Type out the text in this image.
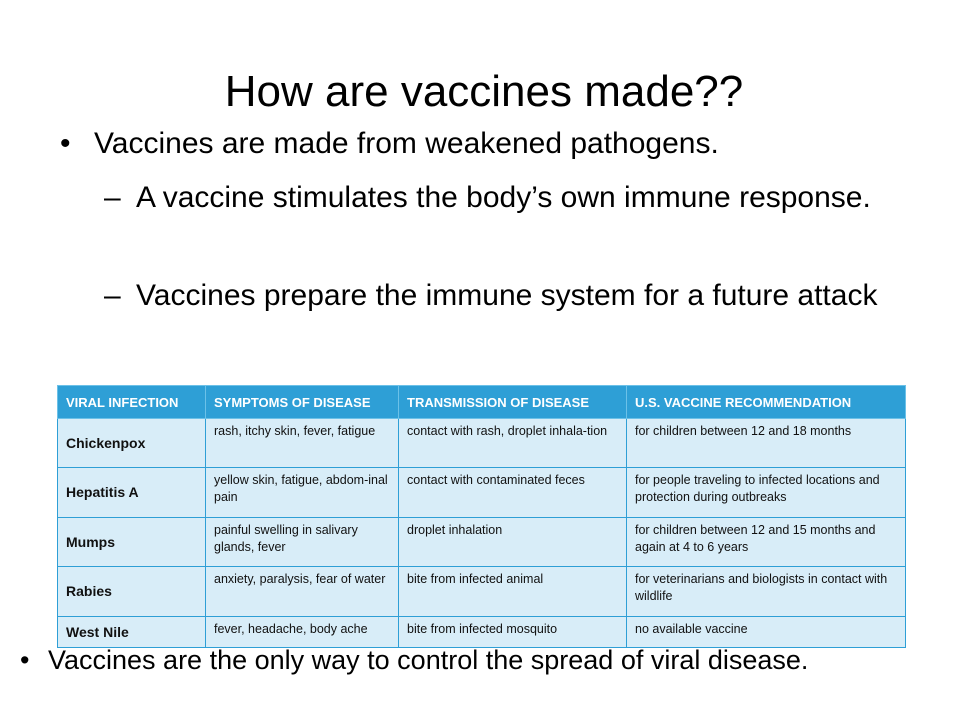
How are vaccines made??
• Vaccines are made from weakened pathogens.
– A vaccine stimulates the body’s own immune response.
– Vaccines prepare the immune system for a future attack
VIRAL INFECTION	SYMPTOMS OF DISEASE	TRANSMISSION OF DISEASE	U.S. VACCINE RECOMMENDATION
Chickenpox	rash, itchy skin, fever, fatigue	contact with rash, droplet inhala-tion	for children between 12 and 18 months
Hepatitis A	yellow skin, fatigue, abdom-inal pain	contact with contaminated feces	for people traveling to infected locations and protection during outbreaks
Mumps	painful swelling in salivary glands, fever	droplet inhalation	for children between 12 and 15 months and again at 4 to 6 years
Rabies	anxiety, paralysis, fear of water	bite from infected animal	for veterinarians and biologists in contact with wildlife
West Nile	fever, headache, body ache	bite from infected mosquito	no available vaccine
• Vaccines are the only way to control the spread of viral disease.
